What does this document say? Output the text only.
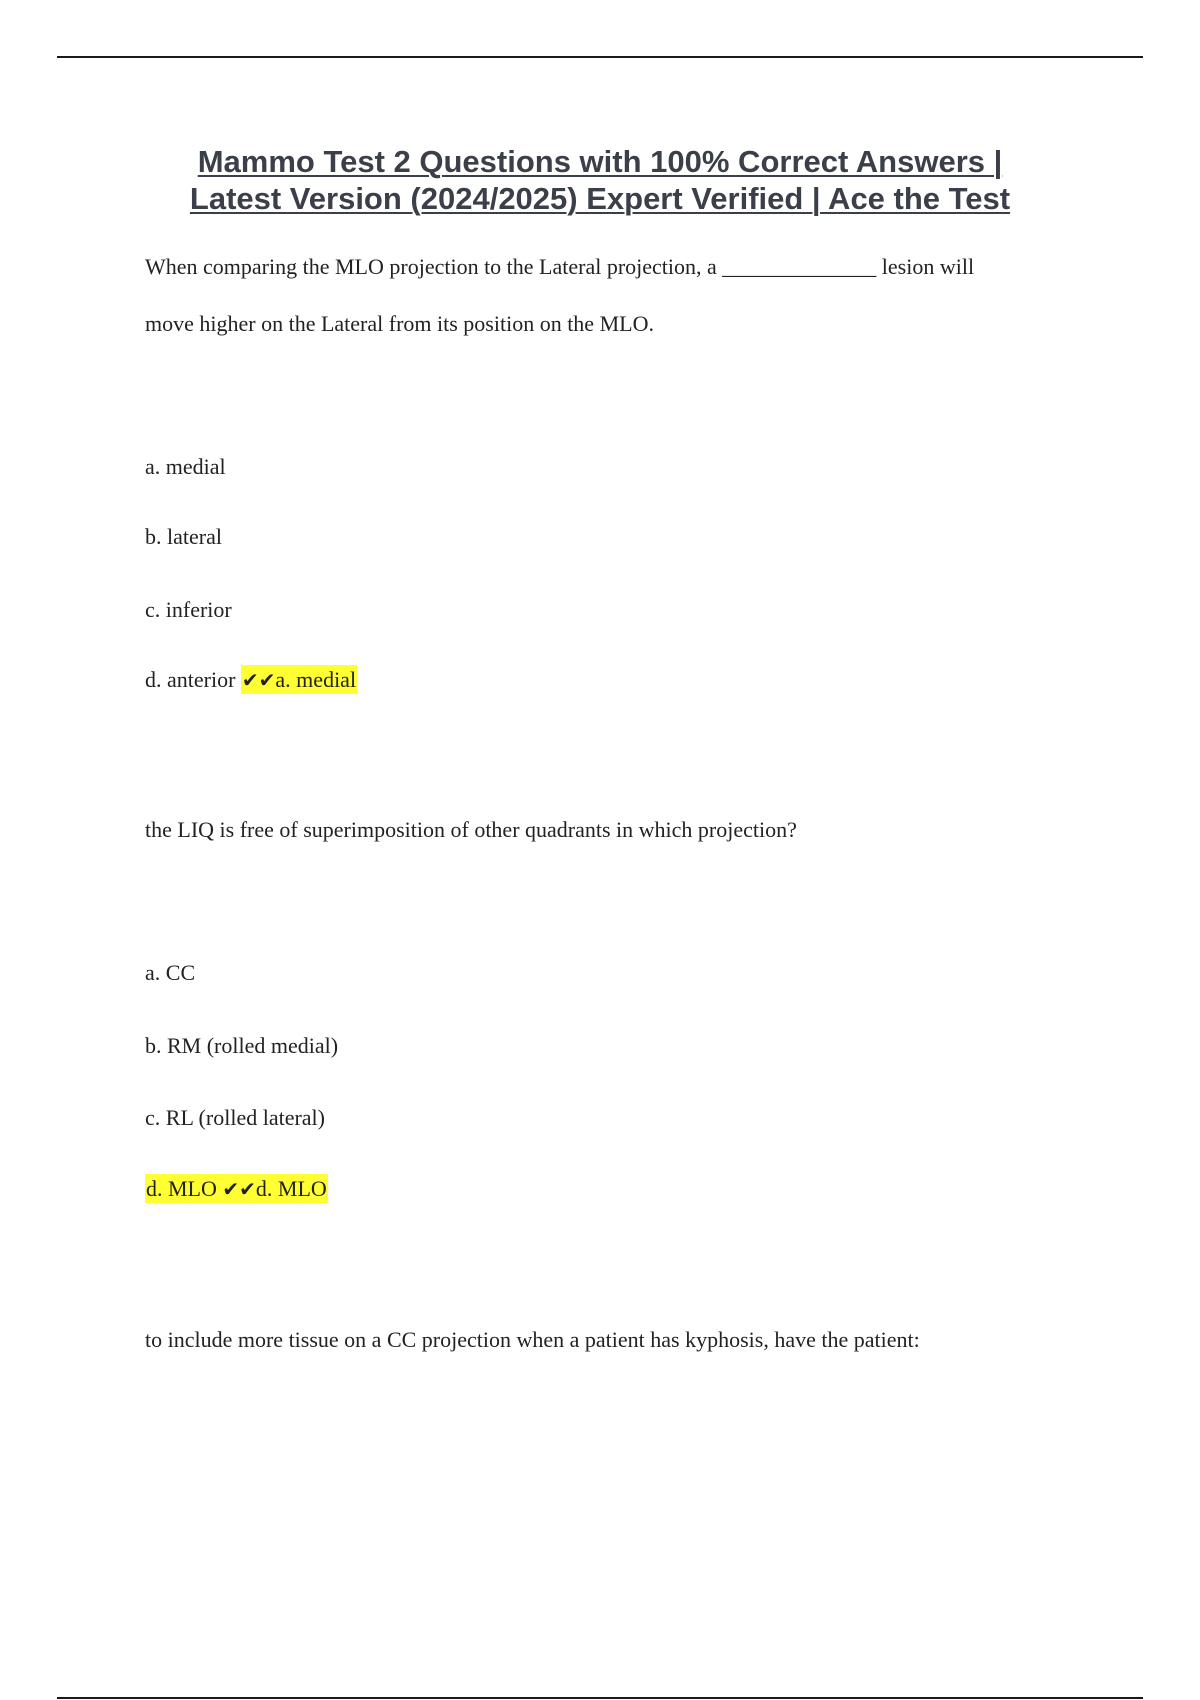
Mammo Test 2 Questions with 100% Correct Answers |
Latest Version (2024/2025) Expert Verified | Ace the Test

When comparing the MLO projection to the Lateral projection, a ______________ lesion will

move higher on the Lateral from its position on the MLO.

a. medial

b. lateral

c. inferior

d. anterior ✔✔a. medial

the LIQ is free of superimposition of other quadrants in which projection?

a. CC

b. RM (rolled medial)

c. RL (rolled lateral)

d. MLO ✔✔d. MLO

to include more tissue on a CC projection when a patient has kyphosis, have the patient:
